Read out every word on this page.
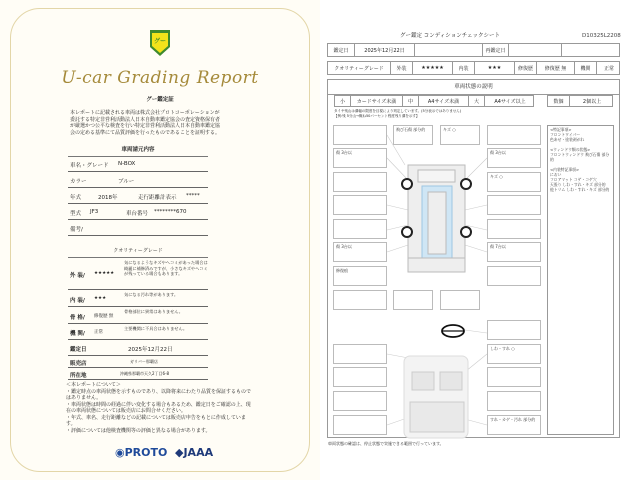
グー
U-car Grading Report
グー鑑定証
本レポートに記載される車両は株式会社プロトコーポレーションが委託する特定非営利活動法人日本自動車鑑定協会の査定資格保有者が厳選かつ公平な検査を行い特定非営利活動法人日本自動車鑑定協会の定める基準にて品質評価を行ったものであることを証明する。
車両請元内容
車名・グレード N-BOX
カラー	ブルー
年式	2018年	走行距離計表示 *****
型式 JF3	車台番号 ********670
備考/
クオリティーグレード
外 装/ ★★★★★
気になるようなキズやヘコミがあった場合は綺麗に補修済みですが、小さなキズやヘコミが残っている場合もあります。
内 装/ ★★★
気になる汚れ等があります。
骨 格/ 修復歴 無
骨格部位に異常はありません。
機 関/ 正常
主要機関に不具合はありません。
鑑定日	2025年12月22日
販売店	ガリバー那覇店
所在地	沖縄県那覇市天久2丁目6-8
＜本レポートについて＞
・鑑定時点の車両状態を示すものであり、以降将来にわたり品質を保証するものではありません。
・車両状態は時間の経過に伴い変化する場合もあるため、鑑定日をご確認の上、現在の車両状態については販売店にお問合せください。
・年式、車名、走行距離などの記載については販売店申告をもとに作成しています。
・評価については他検査機関等の評価と異なる場合があります。
◉PROTO ◆JAAA
グー鑑定 コンディションチェックシート	D10325L2208
鑑定日	2025年12月22日	再鑑定日
クオリティーグレード	外装	★★★★★	内装	★★★	修復歴	修復歴 無	機関	正常
車両状態の説明
小	カードサイズ未満	中	A4サイズ未満	大	A4サイズ以上	数個	2個以上
タイヤ残山は溝幅の限度を目視により判定しています。(5分表示ではありません)
【例:残 5分山→概ね50パーセント程度残り溝を示す】
<特記事項>
フロントワイパー
色あせ・塗装剥がれ

<ウィンドウ類の状態>
フロントウィンドウ 飛び石傷 部分的

<内装特記事項>
におい
フロアマット コゲ・コゲ穴
天張り しわ・すれ・キズ 部分的
他トリム しわ・すれ・キズ 部分的
車両状態の確認は、停止状態で実施できる範囲で行っています。
傷 3台以
傷 3台以
修復痕
飛び石傷 部分的	キズ ○
傷 3台以
キズ ○
傷 7台以
しわ・すれ ○
すれ・カゲ・汚れ 部分的
